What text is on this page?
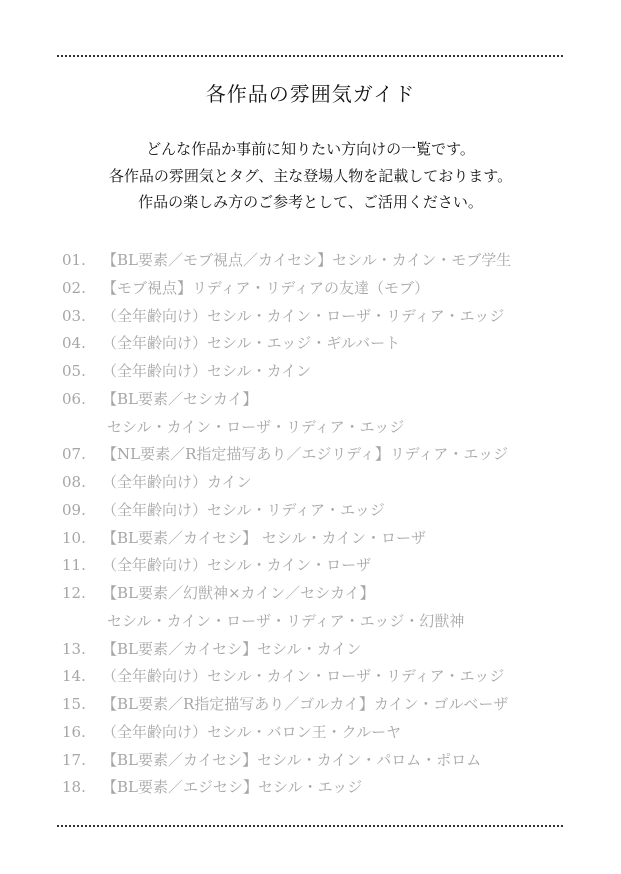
各作品の雰囲気ガイド
どんな作品か事前に知りたい方向けの一覧です。
各作品の雰囲気とタグ、主な登場人物を記載しております。
作品の楽しみ方のご参考として、ご活用ください。
01.	【BL要素／モブ視点／カイセシ】セシル・カイン・モブ学生
02.	【モブ視点】リディア・リディアの友達（モブ）
03.	（全年齢向け）セシル・カイン・ローザ・リディア・エッジ
04.	（全年齢向け）セシル・エッジ・ギルバート
05.	（全年齢向け）セシル・カイン
06.	【BL要素／セシカイ】
セシル・カイン・ローザ・リディア・エッジ
07.	【NL要素／R指定描写あり／エジリディ】リディア・エッジ
08.	（全年齢向け）カイン
09.	（全年齢向け）セシル・リディア・エッジ
10.	【BL要素／カイセシ】 セシル・カイン・ローザ
11.	（全年齢向け）セシル・カイン・ローザ
12.	【BL要素／幻獣神×カイン／セシカイ】
セシル・カイン・ローザ・リディア・エッジ・幻獣神
13.	【BL要素／カイセシ】セシル・カイン
14.	（全年齢向け）セシル・カイン・ローザ・リディア・エッジ
15.	【BL要素／R指定描写あり／ゴルカイ】カイン・ゴルベーザ
16.	（全年齢向け）セシル・バロン王・クルーヤ
17.	【BL要素／カイセシ】セシル・カイン・パロム・ポロム
18.	【BL要素／エジセシ】セシル・エッジ
